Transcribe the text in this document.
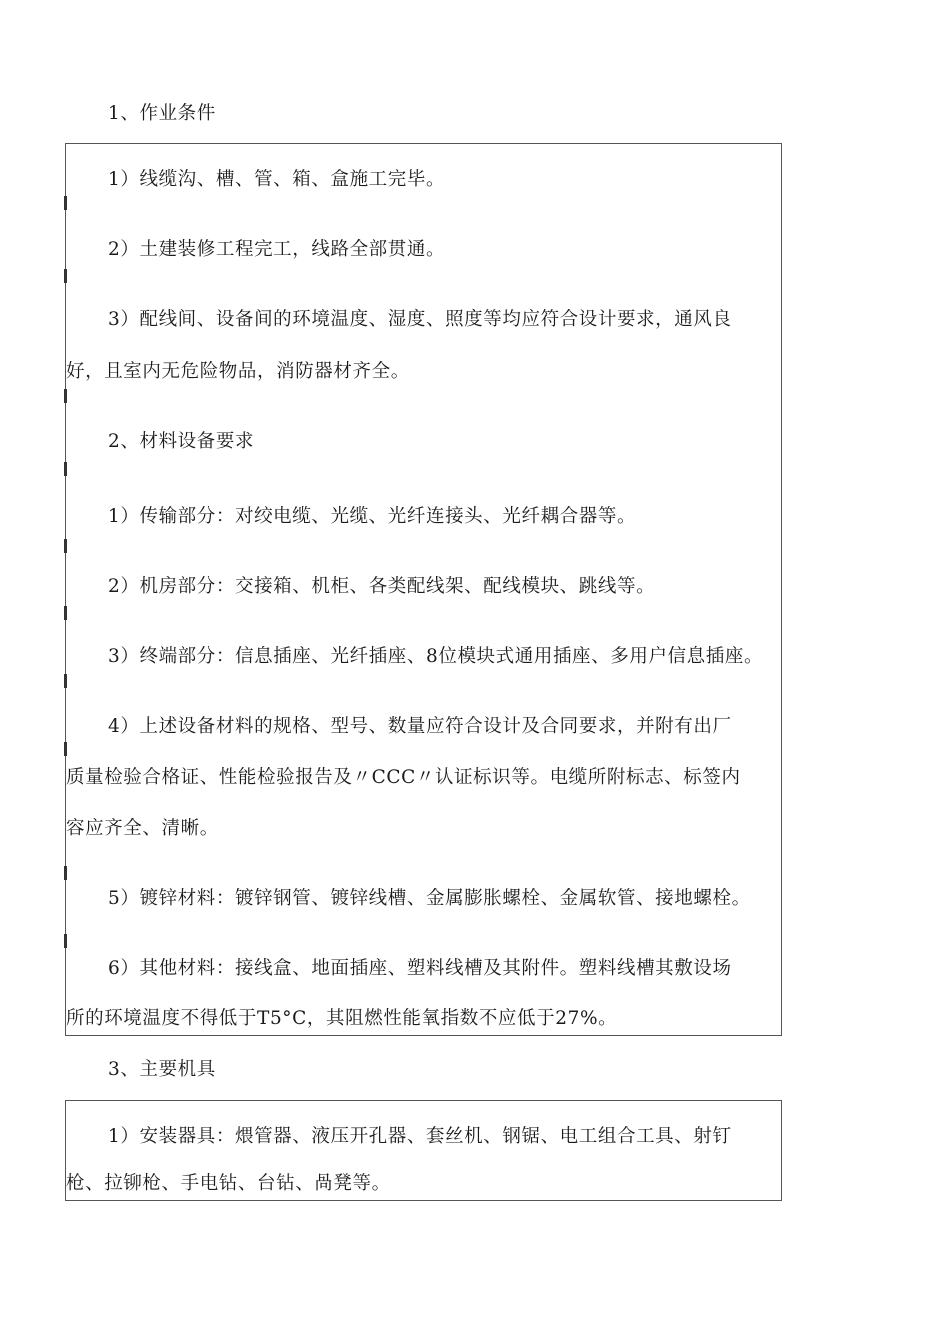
1、作业条件
1）线缆沟、槽、管、箱、盒施工完毕。
2）土建装修工程完工，线路全部贯通。
3）配线间、设备间的环境温度、湿度、照度等均应符合设计要求，通风良
好，且室内无危险物品，消防器材齐全。
2、材料设备要求
1）传输部分：对绞电缆、光缆、光纤连接头、光纤耦合器等。
2）机房部分：交接箱、机柜、各类配线架、配线模块、跳线等。
3）终端部分：信息插座、光纤插座、8位模块式通用插座、多用户信息插座。
4）上述设备材料的规格、型号、数量应符合设计及合同要求，并附有出厂
质量检验合格证、性能检验报告及〃CCC〃认证标识等。电缆所附标志、标签内
容应齐全、清晰。
5）镀锌材料：镀锌钢管、镀锌线槽、金属膨胀螺栓、金属软管、接地螺栓。
6）其他材料：接线盒、地面插座、塑料线槽及其附件。塑料线槽其敷设场
所的环境温度不得低于T5°C，其阻燃性能氧指数不应低于27%。
3、主要机具
1）安装器具：煨管器、液压开孔器、套丝机、钢锯、电工组合工具、射钉
枪、拉铆枪、手电钻、台钻、咼凳等。
